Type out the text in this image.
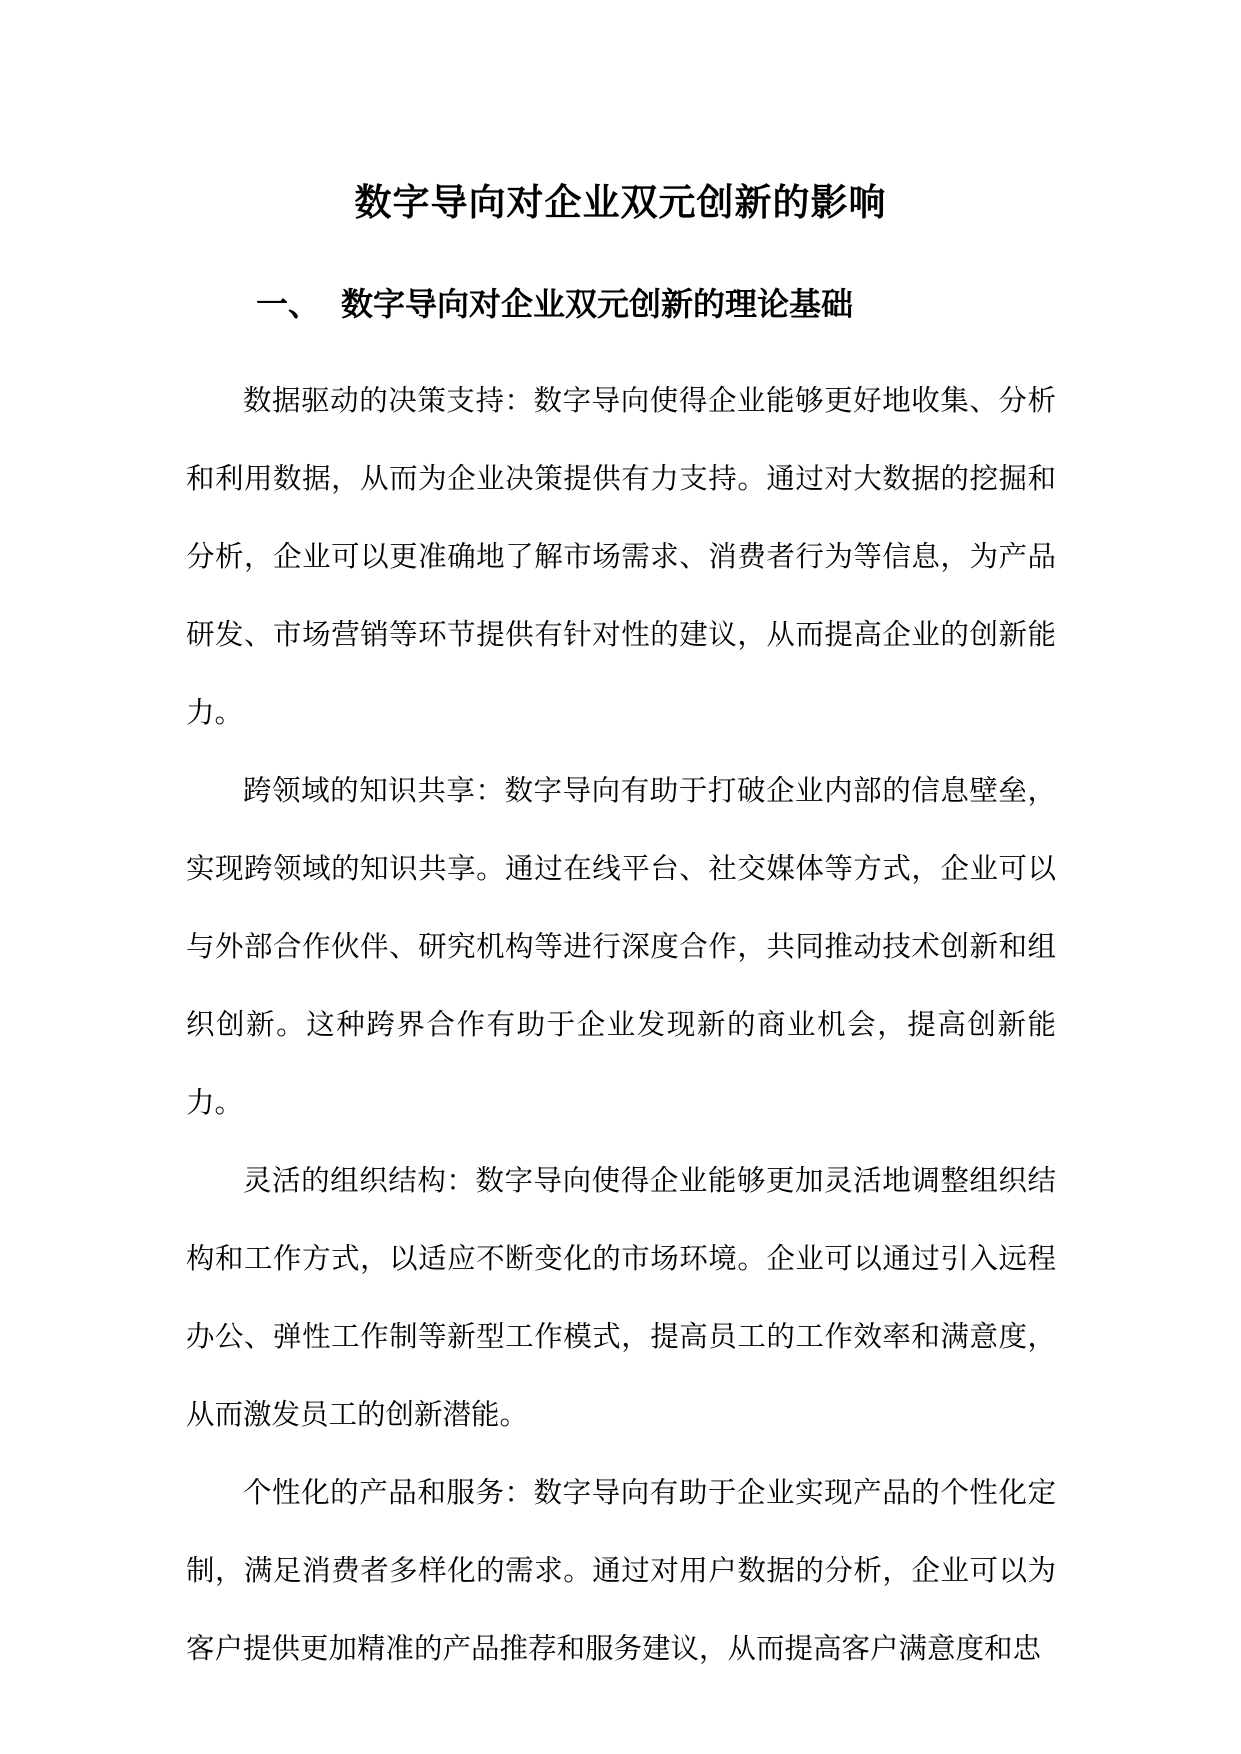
数字导向对企业双元创新的影响
一、 数字导向对企业双元创新的理论基础

数据驱动的决策支持：数字导向使得企业能够更好地收集、分析和利用数据，从而为企业决策提供有力支持。通过对大数据的挖掘和分析，企业可以更准确地了解市场需求、消费者行为等信息，为产品研发、市场营销等环节提供有针对性的建议，从而提高企业的创新能力。

跨领域的知识共享：数字导向有助于打破企业内部的信息壁垒，实现跨领域的知识共享。通过在线平台、社交媒体等方式，企业可以与外部合作伙伴、研究机构等进行深度合作，共同推动技术创新和组织创新。这种跨界合作有助于企业发现新的商业机会，提高创新能力。

灵活的组织结构：数字导向使得企业能够更加灵活地调整组织结构和工作方式，以适应不断变化的市场环境。企业可以通过引入远程办公、弹性工作制等新型工作模式，提高员工的工作效率和满意度，从而激发员工的创新潜能。

个性化的产品和服务：数字导向有助于企业实现产品的个性化定制，满足消费者多样化的需求。通过对用户数据的分析，企业可以为客户提供更加精准的产品推荐和服务建议，从而提高客户满意度和忠
